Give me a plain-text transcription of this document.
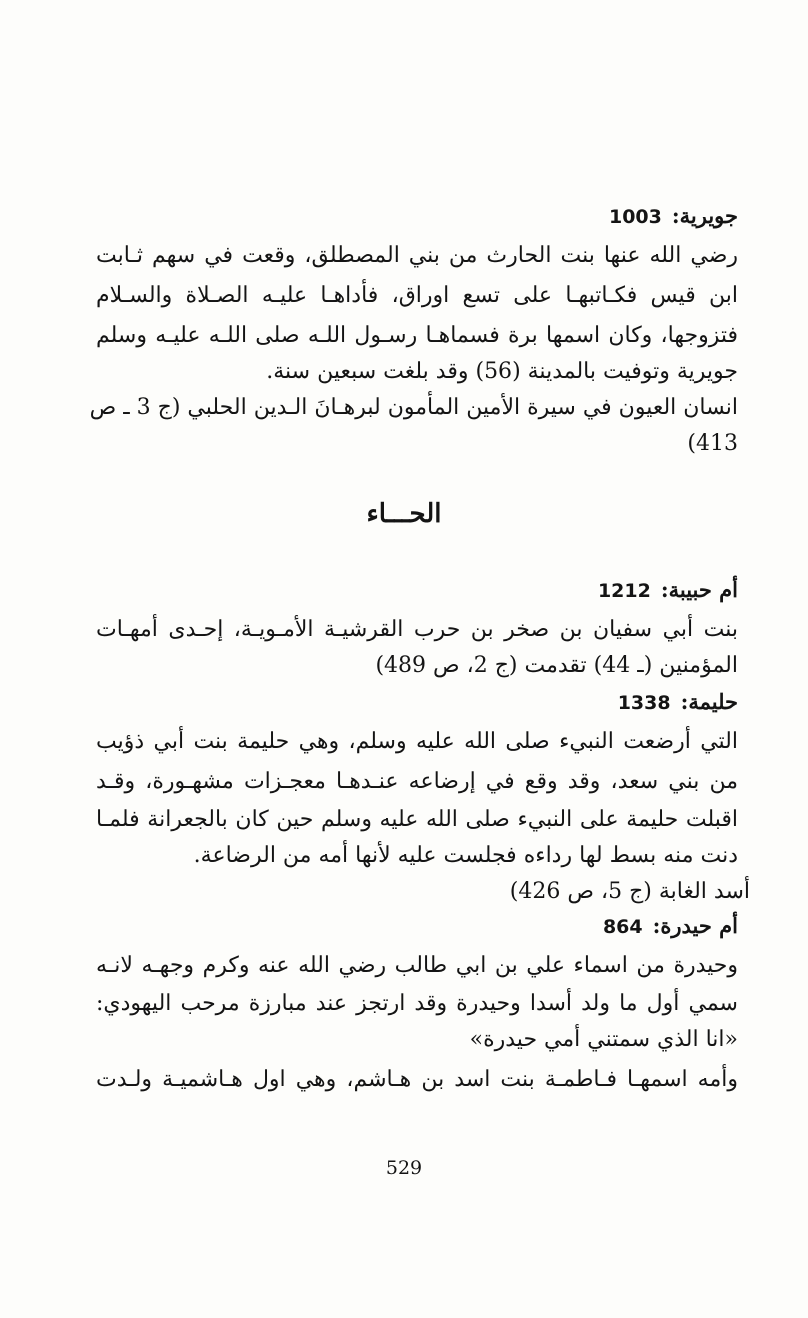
جويرية:1003
رضي الله عنها بنت الحارث من بني المصطلق، وقعت في سهم ثـابت
ابن قيس فكـاتبهـا على تسع اوراق، فأداهـا عليـه الصـلاة والسـلام
فتزوجها، وكان اسمها برة فسماهـا رسـول اللـه صلى اللـه عليـه وسلم
جويرية وتوفيت بالمدينة (56) وقد بلغت سبعين سنة.
انسان العيون في سيرة الأمين المأمون لبرهـانَ الـدين الحلبي (ج 3 ـ ص
413)
الحـــاء
أم حبيبة:1212
بنت أبي سفيان بن صخر بن حرب القرشيـة الأمـويـة، إحـدى أمهـات
المؤمنين (ـ 44) تقدمت (ج 2، ص 489)
حليمة:1338
التي أرضعت النبيء صلى الله عليه وسلم، وهي حليمة بنت أبي ذؤيب
من بني سعد، وقد وقع في إرضاعه عنـدهـا معجـزات مشهـورة، وقـد
اقبلت حليمة على النبيء صلى الله عليه وسلم حين كان بالجعرانة فلمـا
دنت منه بسط لها رداءه فجلست عليه لأنها أمه من الرضاعة.
أسد الغابة (ج 5، ص 426)
أم حيدرة:864
وحيدرة من اسماء علي بن ابي طالب رضي الله عنه وكرم وجهـه لانـه
سمي أول ما ولد أسدا وحيدرة وقد ارتجز عند مبارزة مرحب اليهودي:
«انا الذي سمتني أمي حيدرة»
وأمه اسمهـا فـاطمـة بنت اسد بن هـاشم، وهي اول هـاشميـة ولـدت
529
